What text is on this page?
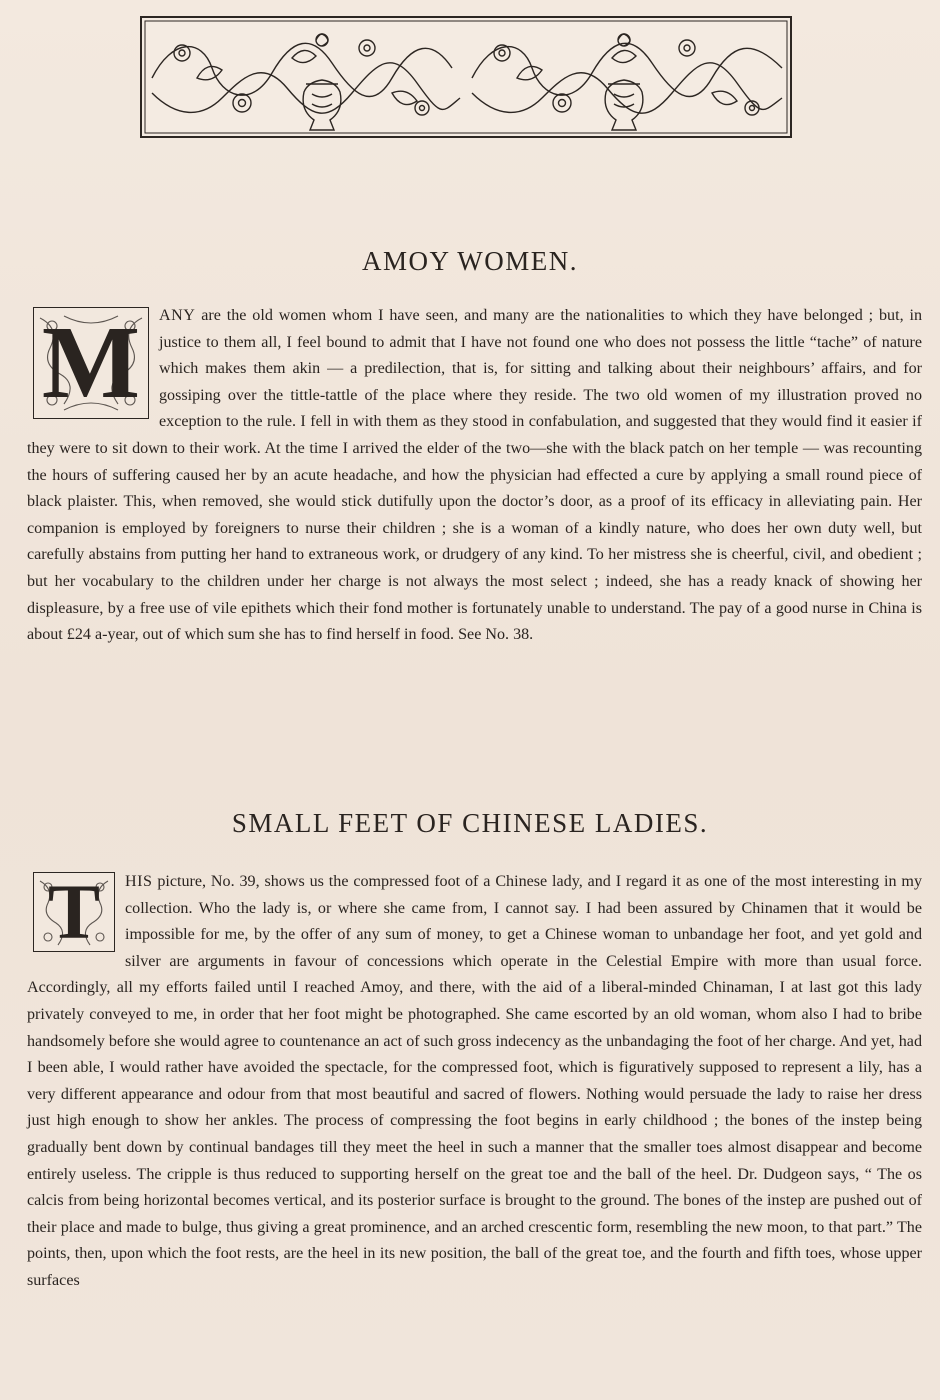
AMOY WOMEN.

M	ANY are the old women whom I have seen, and many are the nationalities to which they have belonged ; but, in justice to them all, I feel bound to admit that I have not found one who does not possess the little “tache” of nature which makes them akin — a predilection, that is, for sitting and talking about their neighbours’ affairs, and for gossiping over the tittle-tattle of the place where they reside. The two old women of my illustration proved no exception to the rule. I fell in with them as they stood in confabulation, and suggested that they would find it easier if they were to sit down to their work. At the time I arrived the elder of the two—she with the black patch on her temple — was recounting the hours of suffering caused her by an acute headache, and how the physician had effected a cure by applying a small round piece of black plaister. This, when removed, she would stick dutifully upon the doctor’s door, as a proof of its efficacy in alleviating pain. Her companion is employed by foreigners to nurse their children ; she is a woman of a kindly nature, who does her own duty well, but carefully abstains from putting her hand to extraneous work, or drudgery of any kind. To her mistress she is cheerful, civil, and obedient ; but her vocabulary to the children under her charge is not always the most select ; indeed, she has a ready knack of showing her displeasure, by a free use of vile epithets which their fond mother is fortunately unable to understand. The pay of a good nurse in China is about £24 a-year, out of which sum she has to find herself in food. See No. 38.

SMALL FEET OF CHINESE LADIES.

T	HIS picture, No. 39, shows us the compressed foot of a Chinese lady, and I regard it as one of the most interesting in my collection. Who the lady is, or where she came from, I cannot say. I had been assured by Chinamen that it would be impossible for me, by the offer of any sum of money, to get a Chinese woman to unbandage her foot, and yet gold and silver are arguments in favour of concessions which operate in the Celestial Empire with more than usual force. Accordingly, all my efforts failed until I reached Amoy, and there, with the aid of a liberal-minded Chinaman, I at last got this lady privately conveyed to me, in order that her foot might be photographed. She came escorted by an old woman, whom also I had to bribe handsomely before she would agree to countenance an act of such gross indecency as the unbandaging the foot of her charge. And yet, had I been able, I would rather have avoided the spectacle, for the compressed foot, which is figuratively supposed to represent a lily, has a very different appearance and odour from that most beautiful and sacred of flowers. Nothing would persuade the lady to raise her dress just high enough to show her ankles. The process of compressing the foot begins in early childhood ; the bones of the instep being gradually bent down by continual bandages till they meet the heel in such a manner that the smaller toes almost disappear and become entirely useless. The cripple is thus reduced to supporting herself on the great toe and the ball of the heel. Dr. Dudgeon says, “ The os calcis from being horizontal becomes vertical, and its posterior surface is brought to the ground. The bones of the instep are pushed out of their place and made to bulge, thus giving a great prominence, and an arched crescentic form, resembling the new moon, to that part.” The points, then, upon which the foot rests, are the heel in its new position, the ball of the great toe, and the fourth and fifth toes, whose upper surfaces
